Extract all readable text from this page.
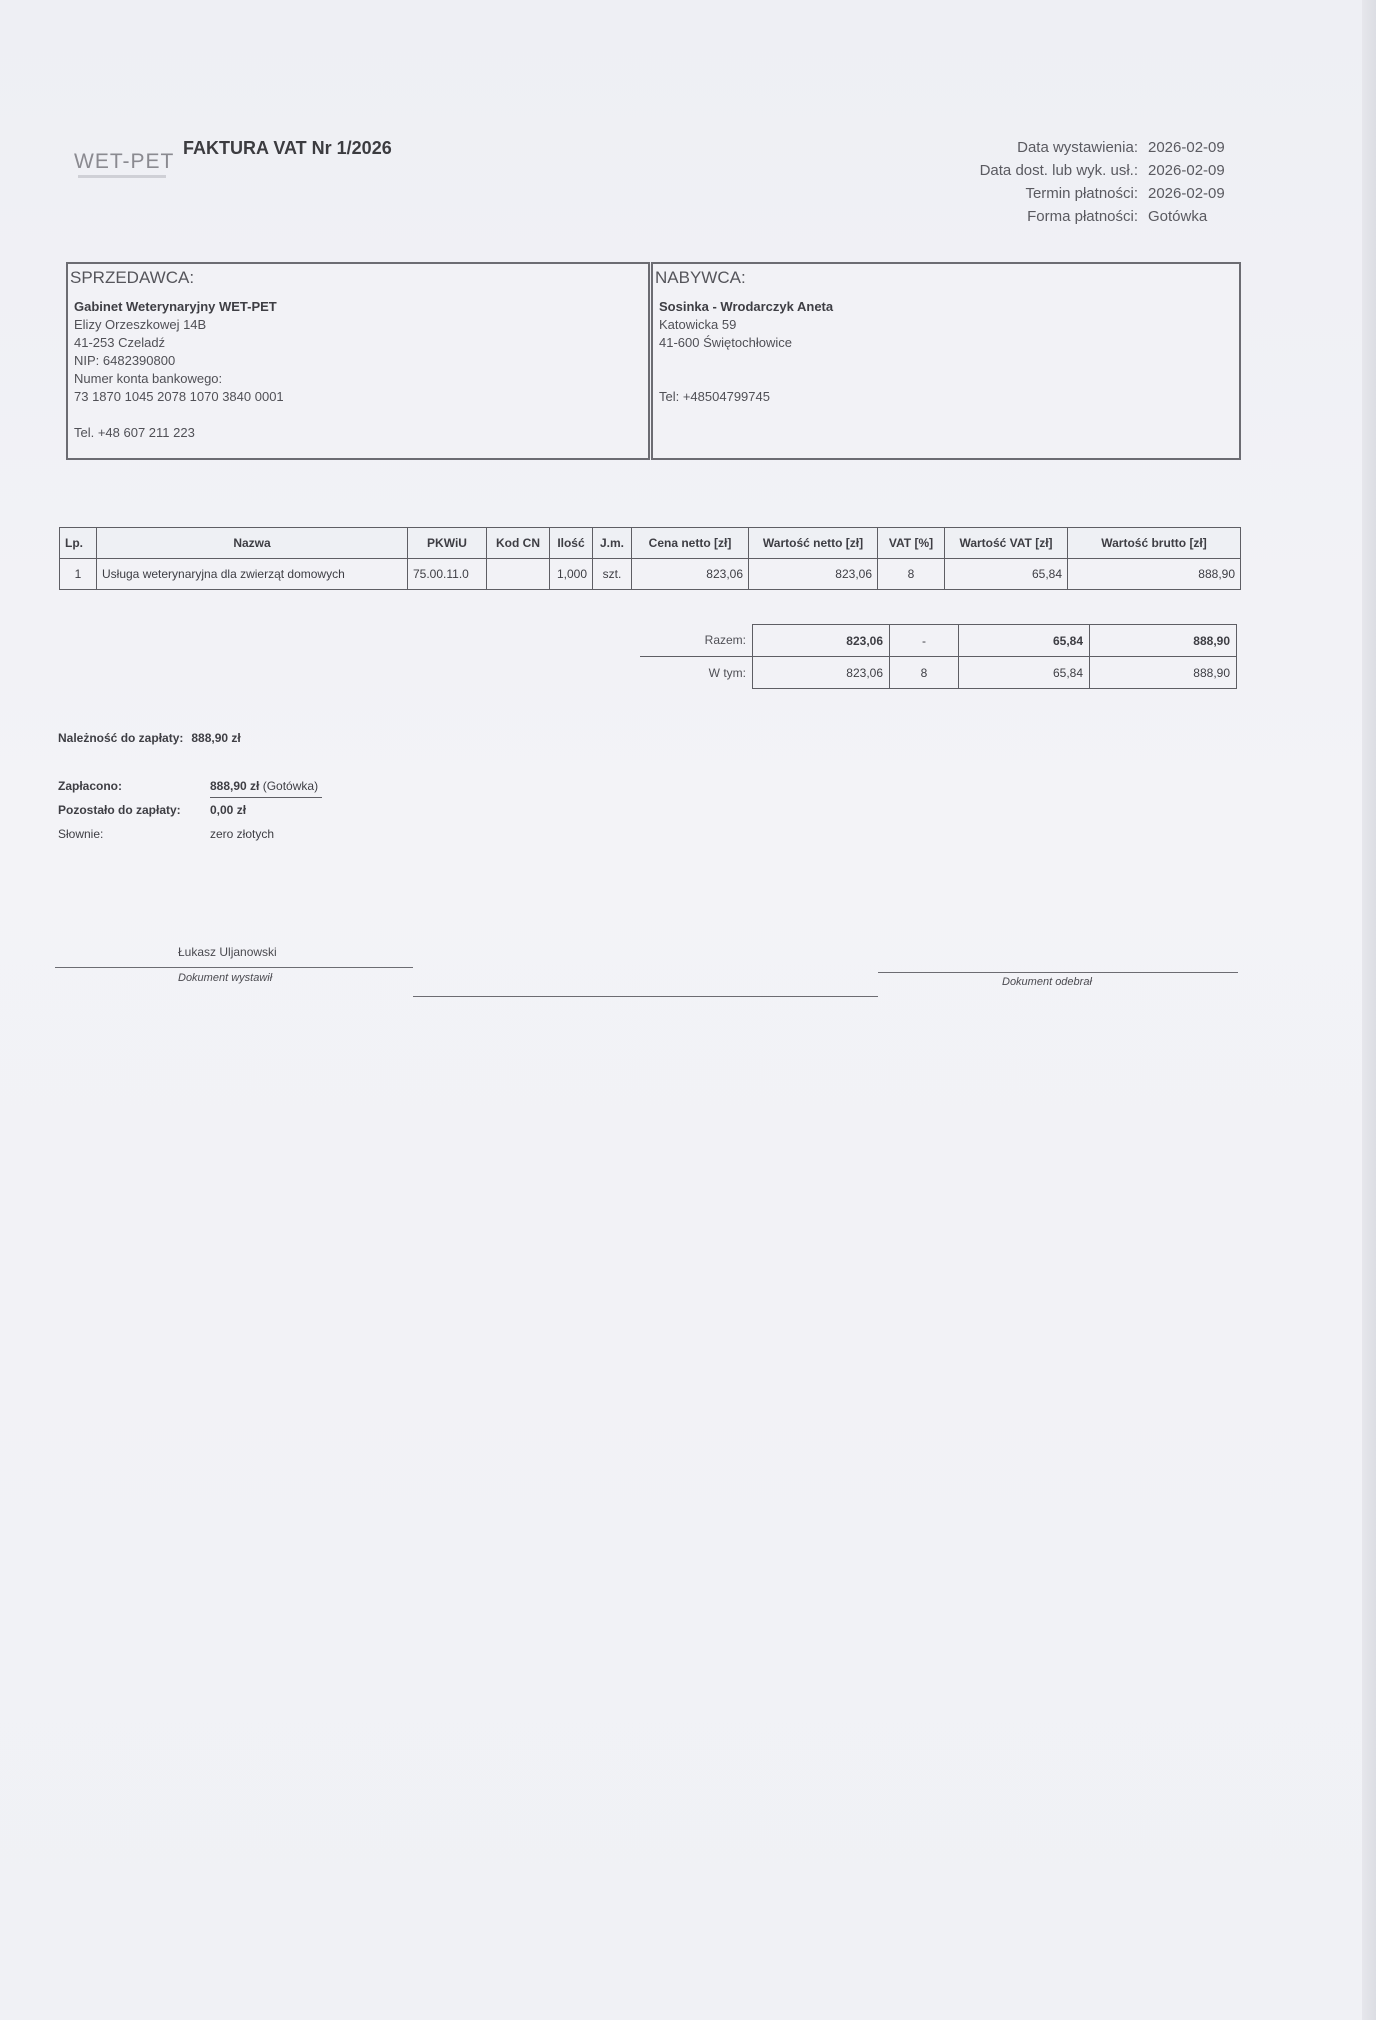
WET-PET
FAKTURA VAT Nr 1/2026	Data wystawienia: 2026-02-09
Data dost. lub wyk. usł.: 2026-02-09
Termin płatności: 2026-02-09
Forma płatności: Gotówka
SPRZEDAWCA:
Gabinet Weterynaryjny WET-PET
Elizy Orzeszkowej 14B
41-253 Czeladź
NIP: 6482390800
Numer konta bankowego:
73 1870 1045 2078 1070 3840 0001
Tel. +48 607 211 223
NABYWCA:
Sosinka - Wrodarczyk Aneta
Katowicka 59
41-600 Świętochłowice
Tel: +48504799745
Lp.	Nazwa	PKWiU	Kod CN	Ilość	J.m.	Cena netto [zł]	Wartość netto [zł]	VAT [%]	Wartość VAT [zł]	Wartość brutto [zł]
1	Usługa weterynaryjna dla zwierząt domowych	75.00.11.0		1,000	szt.	823,06	823,06	8	65,84	888,90
Razem:	823,06	-	65,84	888,90
W tym:	823,06	8	65,84	888,90
Należność do zapłaty: 888,90 zł
Zapłacono:	888,90 zł (Gotówka)
Pozostało do zapłaty:	0,00 zł
Słownie:	zero złotych
Łukasz Uljanowski
Dokument wystawił	Dokument odebrał
